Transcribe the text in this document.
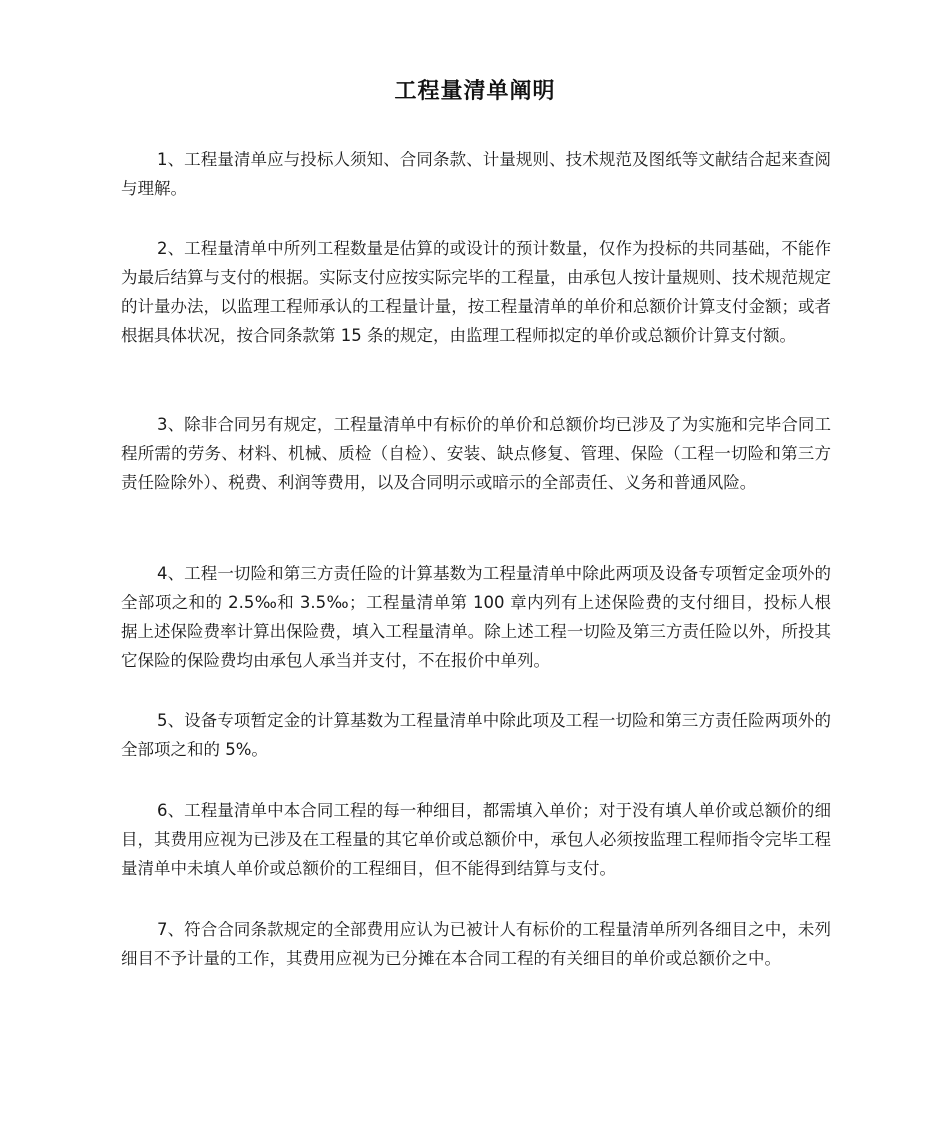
工程量清单阐明

1、工程量清单应与投标人须知、合同条款、计量规则、技术规范及图纸等文献结合起来查阅与理解。

2、工程量清单中所列工程数量是估算的或设计的预计数量，仅作为投标的共同基础，不能作为最后结算与支付的根据。实际支付应按实际完毕的工程量，由承包人按计量规则、技术规范规定的计量办法，以监理工程师承认的工程量计量，按工程量清单的单价和总额价计算支付金额；或者根据具体状况，按合同条款第 15 条的规定，由监理工程师拟定的单价或总额价计算支付额。

3、除非合同另有规定，工程量清单中有标价的单价和总额价均已涉及了为实施和完毕合同工程所需的劳务、材料、机械、质检（自检）、安装、缺点修复、管理、保险（工程一切险和第三方责任险除外）、税费、利润等费用，以及合同明示或暗示的全部责任、义务和普通风险。

4、工程一切险和第三方责任险的计算基数为工程量清单中除此两项及设备专项暂定金项外的全部项之和的 2.5‰和 3.5‰；工程量清单第 100 章内列有上述保险费的支付细目，投标人根据上述保险费率计算出保险费，填入工程量清单。除上述工程一切险及第三方责任险以外，所投其它保险的保险费均由承包人承当并支付，不在报价中单列。

5、设备专项暂定金的计算基数为工程量清单中除此项及工程一切险和第三方责任险两项外的全部项之和的 5%。

6、工程量清单中本合同工程的每一种细目，都需填入单价；对于没有填人单价或总额价的细目，其费用应视为已涉及在工程量的其它单价或总额价中，承包人必须按监理工程师指令完毕工程量清单中未填人单价或总额价的工程细目，但不能得到结算与支付。

7、符合合同条款规定的全部费用应认为已被计人有标价的工程量清单所列各细目之中，未列细目不予计量的工作，其费用应视为已分摊在本合同工程的有关细目的单价或总额价之中。
